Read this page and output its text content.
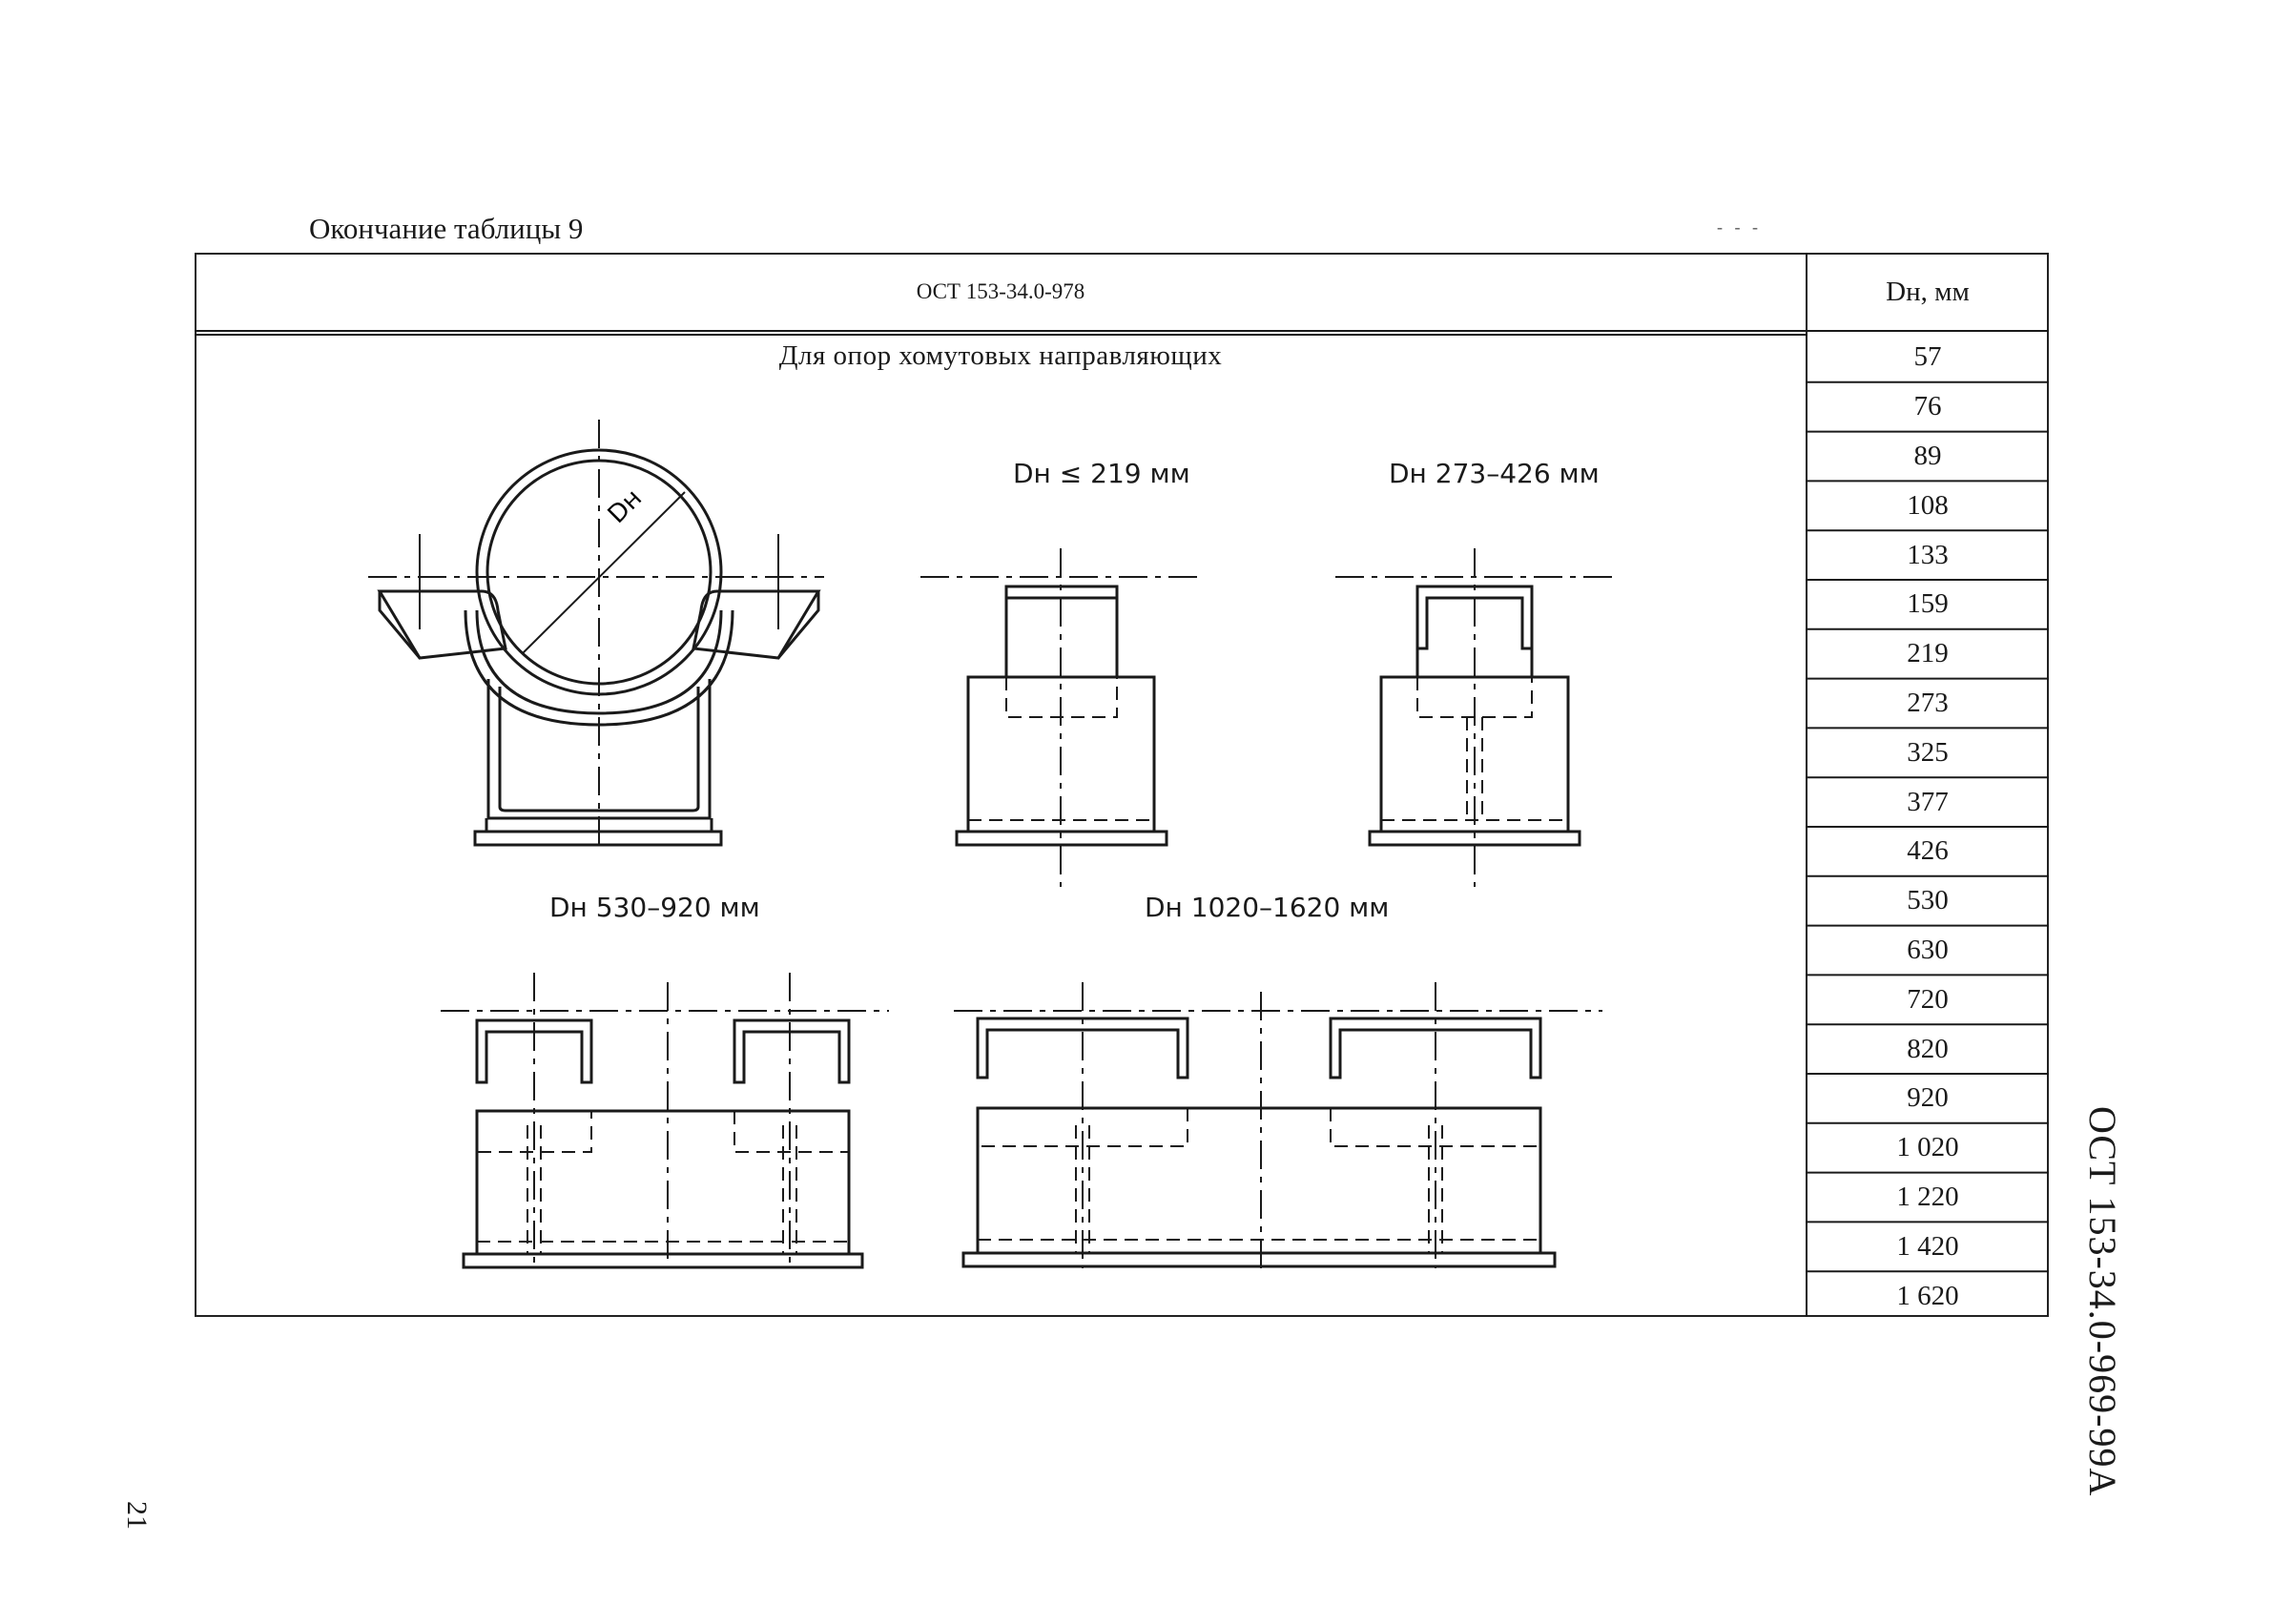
Окончание таблицы 9	- - -
ОСТ 153-34.0-978	Dн, мм
Для опор хомутовых направляющих	57
76
89
108
133
159
219
273
325
377
426
530
630
720
820
920
1 020
1 220
1 420
1 620
Dн
Dн ≤ 219 мм	Dн 273–426 мм
Dн 530–920 мм	Dн 1020–1620 мм
ОСТ 153-34.0-969-99А
21
